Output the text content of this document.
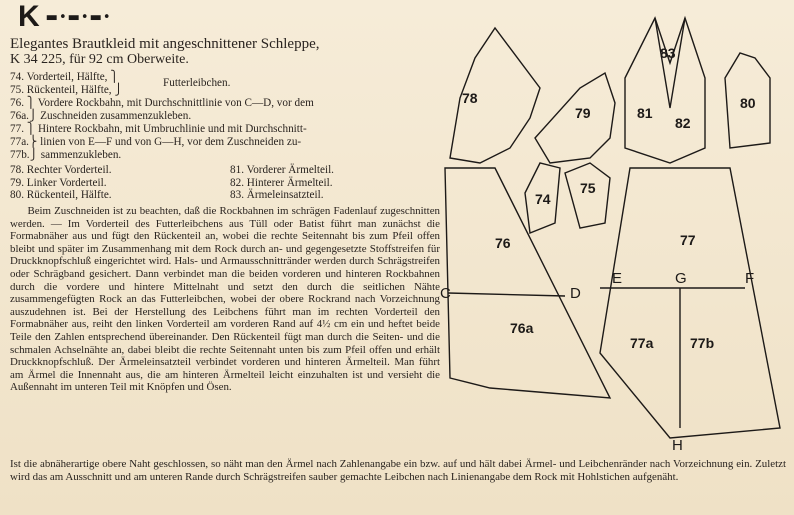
K ▬•▬•▬•
Elegantes Brautkleid mit angeschnittener Schleppe,
K 34 225, für 92 cm Oberweite.
74. Vorderteil, Hälfte, ⎫
75. Rückenteil, Hälfte, ⎭
76. ⎫ Vordere Rockbahn, mit Durchschnittlinie von C—D, vor dem
76a.⎭ Zuschneiden zusammenzukleben.
77. ⎫ Hintere Rockbahn, mit Umbruchlinie und mit Durchschnitt-
77a.⎬ linien von E—F und von G—H, vor dem Zuschneiden zu-
77b.⎭ sammenzukleben.
Futterleibchen.
78. Rechter Vorderteil.	81. Vorderer Ärmelteil.
79. Linker Vorderteil.	82. Hinterer Ärmelteil.
80. Rückenteil, Hälfte.	83. Ärmeleinsatzteil.
Beim Zuschneiden ist zu beachten, daß die Rockbahnen im schrägen Fadenlauf zugeschnitten werden. — Im Vorderteil des Futterleibchens aus Tüll oder Batist führt man zunächst die Formabnäher aus und fügt den Rückenteil an, wobei die rechte Seitennaht bis zum Pfeil offen bleibt und später im Zusammenhang mit dem Rock durch an- und gegengesetzte Stoffstreifen für Druckknopfschluß eingerichtet wird. Hals- und Armausschnittränder werden durch Schrägstreifen oder Schrägband gesichert. Dann verbindet man die beiden vorderen und hinteren Rockbahnen durch die vordere und hintere Mittelnaht und setzt den durch die seitlichen Nähte zusammengefügten Rock an das Futterleibchen, wobei der obere Rockrand nach Vorzeichnung auszudehnen ist. Bei der Herstellung des Leibchens führt man im rechten Vorderteil den Formabnäher aus, reiht den linken Vorderteil am vorderen Rand auf 4½ cm ein und heftet beide Teile den Zahlen entsprechend übereinander. Den Rückenteil fügt man durch die Seiten- und die schmalen Achselnähte an, dabei bleibt die rechte Seitennaht unten bis zum Pfeil offen und erhält Druckknopfschluß. Der Ärmeleinsatzteil verbindet vorderen und hinteren Ärmelteil. Man führt am Ärmel die Innennaht aus, die am hinteren Ärmelteil leicht einzuhalten ist und versieht die Außennaht im unteren Teil mit Knöpfen und Ösen.
Ist die abnäherartige obere Naht geschlossen, so näht man den Ärmel nach Zahlenangabe ein bzw. auf und hält dabei Ärmel- und Leibchenränder nach Vorzeichnung ein. Zuletzt wird das am Ausschnitt und am unteren Rande durch Schrägstreifen sauber gemachte Leibchen nach Linienangabe dem Rock mit Hohlstichen aufgenäht.
78
79	81
83
82
80
74
75
76
76a
77
77a	77b
C	D
E	G	F
H
